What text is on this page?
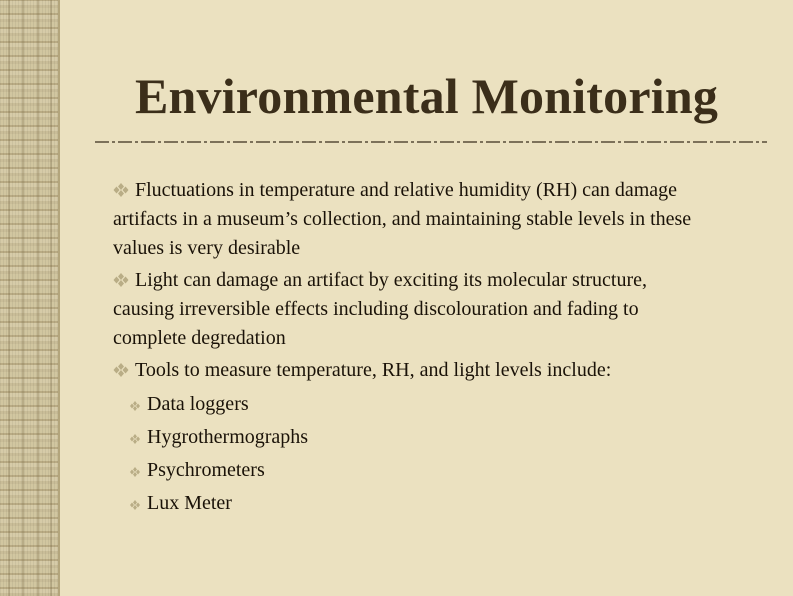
Environmental Monitoring
Fluctuations in temperature and relative humidity (RH) can damage artifacts in a museum’s collection, and maintaining stable levels in these values is very desirable
Light can damage an artifact by exciting its molecular structure, causing irreversible effects including discolouration and fading to complete degredation
Tools to measure temperature, RH, and light levels include:
Data loggers
Hygrothermographs
Psychrometers
Lux Meter
